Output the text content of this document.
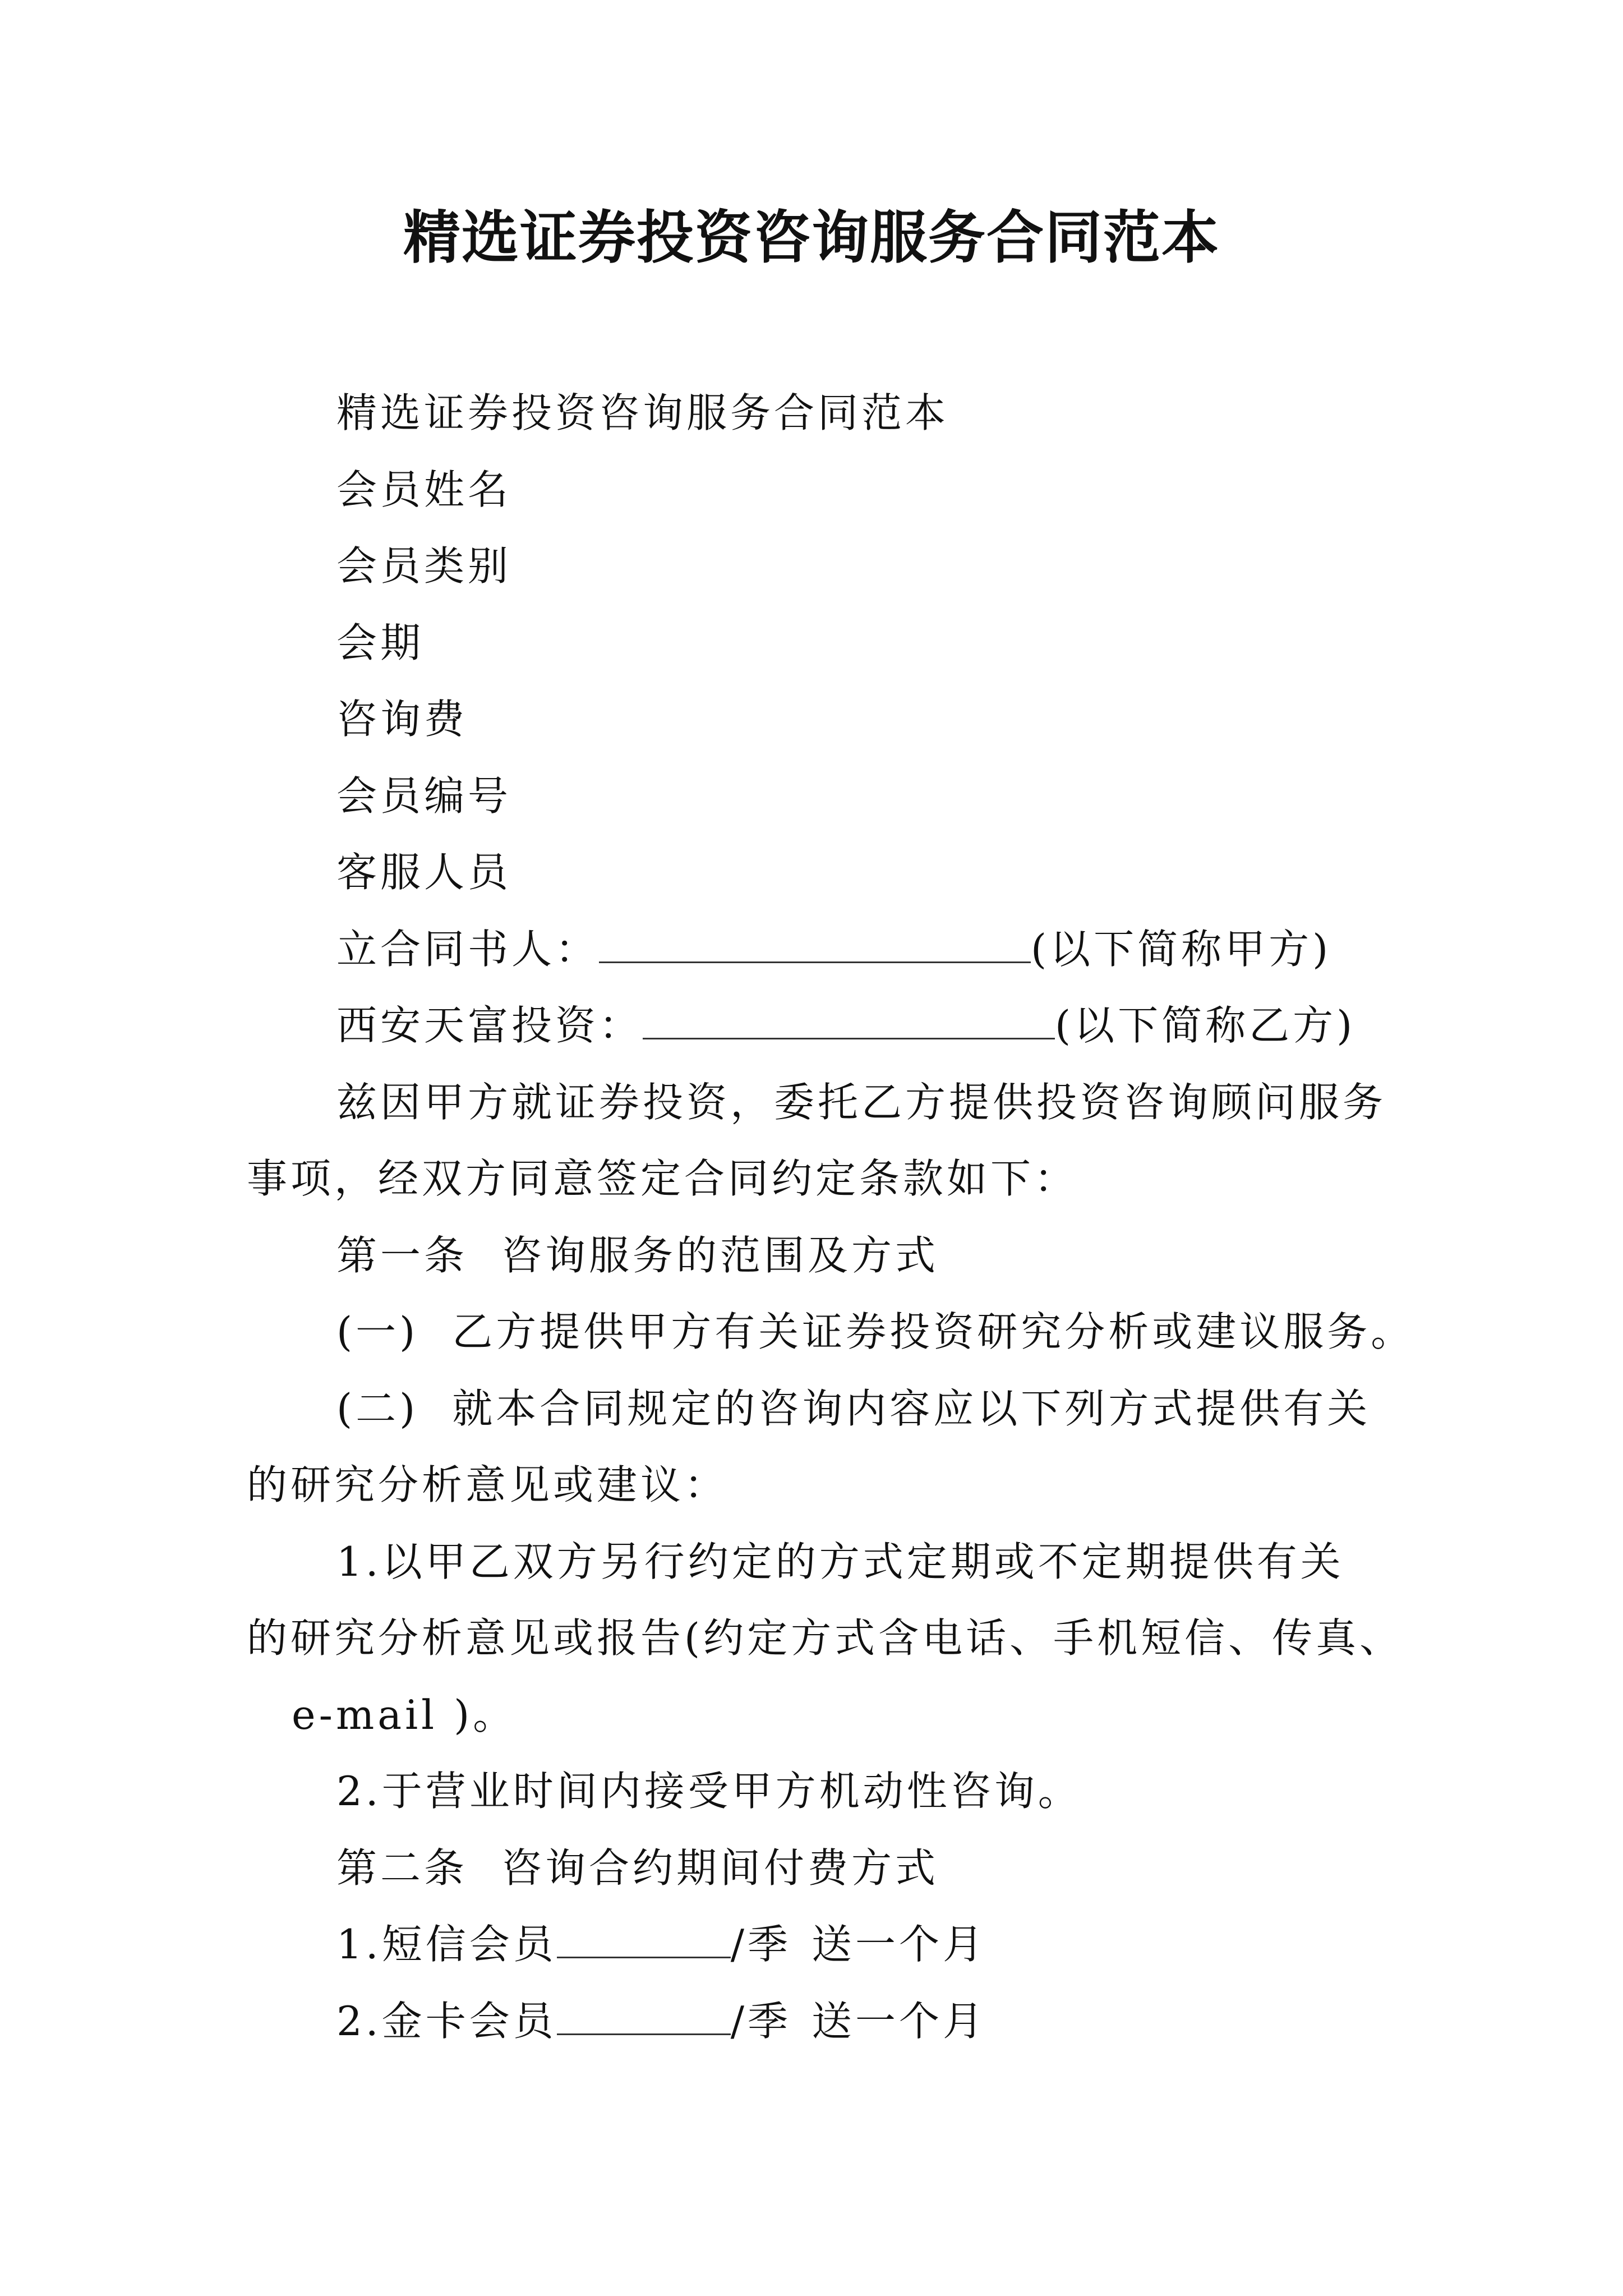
精选证券投资咨询服务合同范本
精选证券投资咨询服务合同范本
会员姓名
会员类别
会期
咨询费
会员编号
客服人员
立合同书人：	(以下简称甲方)
西安天富投资：	(以下简称乙方)
兹因甲方就证券投资，委托乙方提供投资咨询顾问服务
事项，经双方同意签定合同约定条款如下：
第一条 咨询服务的范围及方式
(一) 乙方提供甲方有关证券投资研究分析或建议服务。
(二) 就本合同规定的咨询内容应以下列方式提供有关
的研究分析意见或建议：
1.以甲乙双方另行约定的方式定期或不定期提供有关
的研究分析意见或报告(约定方式含电话、手机短信、传真、
e-mail )。
2.于营业时间内接受甲方机动性咨询。
第二条 咨询合约期间付费方式
1.短信会员	/季 送一个月
2.金卡会员	/季 送一个月
